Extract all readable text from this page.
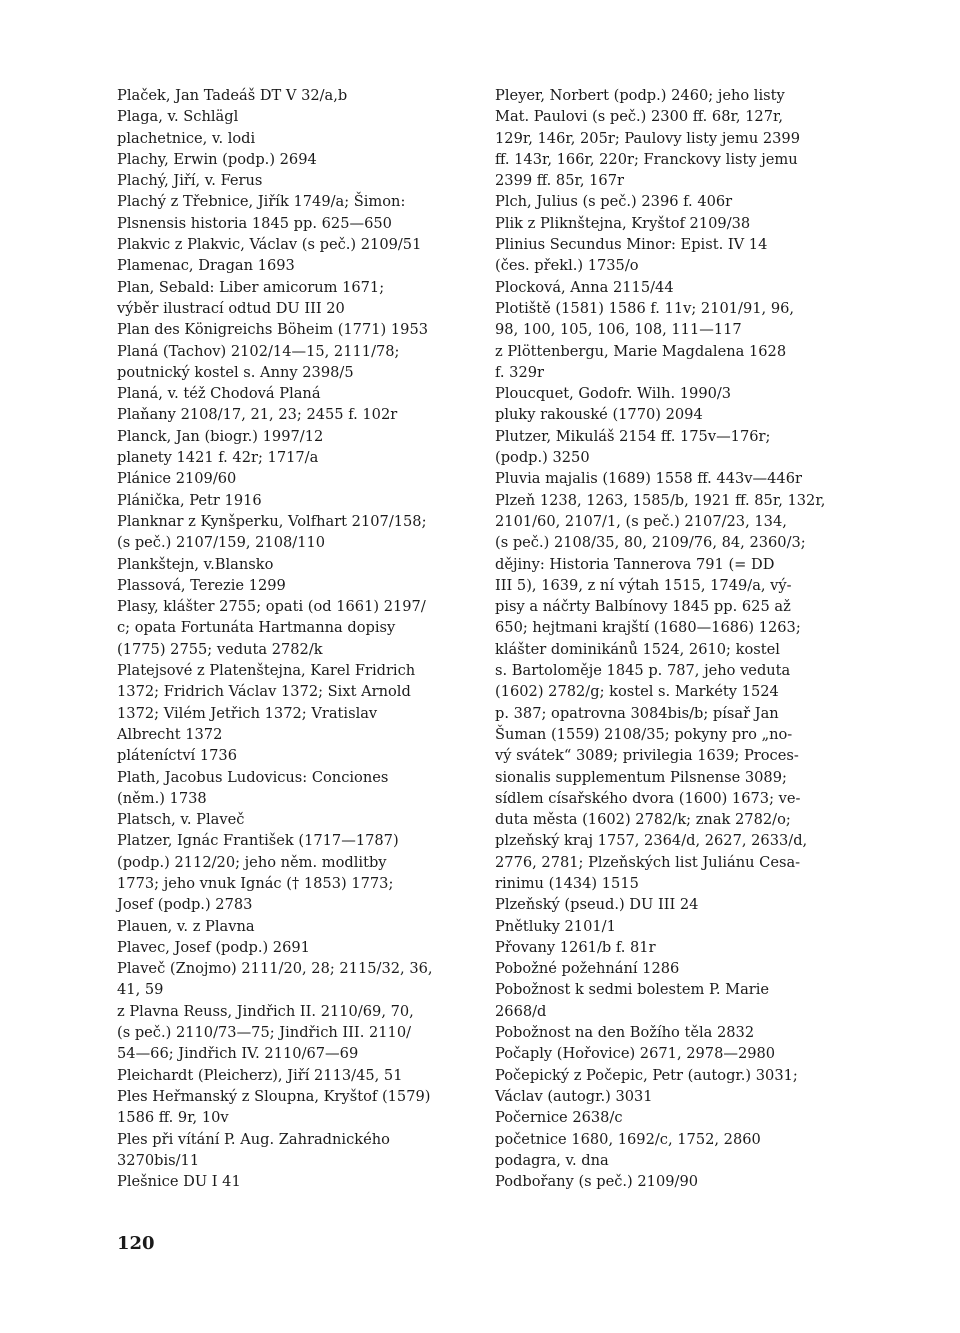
Plaček, Jan Tadeáš DT V 32/a,b
Plaga, v. Schlägl
plachetnice, v. lodi
Plachy, Erwin (podp.) 2694
Plachý, Jiří, v. Ferus
Plachý z Třebnice, Jiřík 1749/a; Šimon:
Plsnensis historia 1845 pp. 625—650
Plakvic z Plakvic, Václav (s peč.) 2109/51
Plamenac, Dragan 1693
Plan, Sebald: Liber amicorum 1671;
výběr ilustrací odtud DU III 20
Plan des Königreichs Böheim (1771) 1953
Planá (Tachov) 2102/14—15, 2111/78;
poutnický kostel s. Anny 2398/5
Planá, v. též Chodová Planá
Plaňany 2108/17, 21, 23; 2455 f. 102r
Planck, Jan (biogr.) 1997/12
planety 1421 f. 42r; 1717/a
Plánice 2109/60
Plánička, Petr 1916
Planknar z Kynšperku, Volfhart 2107/158;
(s peč.) 2107/159, 2108/110
Plankštejn, v.Blansko
Plassová, Terezie 1299
Plasy, klášter 2755; opati (od 1661) 2197/
c; opata Fortunáta Hartmanna dopisy
(1775) 2755; veduta 2782/k
Platejsové z Platenštejna, Karel Fridrich
1372; Fridrich Václav 1372; Sixt Arnold
1372; Vilém Jetřich 1372; Vratislav
Albrecht 1372
pláteníctví 1736
Plath, Jacobus Ludovicus: Conciones
(něm.) 1738
Platsch, v. Plaveč
Platzer, Ignác František (1717—1787)
(podp.) 2112/20; jeho něm. modlitby
1773; jeho vnuk Ignác († 1853) 1773;
Josef (podp.) 2783
Plauen, v. z Plavna
Plavec, Josef (podp.) 2691
Plaveč (Znojmo) 2111/20, 28; 2115/32, 36,
41, 59
z Plavna Reuss, Jindřich II. 2110/69, 70,
(s peč.) 2110/73—75; Jindřich III. 2110/
54—66; Jindřich IV. 2110/67—69
Pleichardt (Pleicherz), Jiří 2113/45, 51
Ples Heřmanský z Sloupna, Kryštof (1579)
1586 ff. 9r, 10v
Ples při vítání P. Aug. Zahradnického
3270bis/11
Plešnice DU I 41
Pleyer, Norbert (podp.) 2460; jeho listy
Mat. Paulovi (s peč.) 2300 ff. 68r, 127r,
129r, 146r, 205r; Paulovy listy jemu 2399
ff. 143r, 166r, 220r; Franckovy listy jemu
2399 ff. 85r, 167r
Plch, Julius (s peč.) 2396 f. 406r
Plik z Pliknštejna, Kryštof 2109/38
Plinius Secundus Minor: Epist. IV 14
(čes. překl.) 1735/o
Plocková, Anna 2115/44
Plotiště (1581) 1586 f. 11v; 2101/91, 96,
98, 100, 105, 106, 108, 111—117
z Plöttenbergu, Marie Magdalena 1628
f. 329r
Ploucquet, Godofr. Wilh. 1990/3
pluky rakouské (1770) 2094
Plutzer, Mikuláš 2154 ff. 175v—176r;
(podp.) 3250
Pluvia majalis (1689) 1558 ff. 443v—446r
Plzeň 1238, 1263, 1585/b, 1921 ff. 85r, 132r,
2101/60, 2107/1, (s peč.) 2107/23, 134,
(s peč.) 2108/35, 80, 2109/76, 84, 2360/3;
dějiny: Historia Tannerova 791 (= DD
III 5), 1639, z ní výtah 1515, 1749/a, vý-
pisy a náčrty Balbínovy 1845 pp. 625 až
650; hejtmani krajští (1680—1686) 1263;
klášter dominikánů 1524, 2610; kostel
s. Bartoloměje 1845 p. 787, jeho veduta
(1602) 2782/g; kostel s. Markéty 1524
p. 387; opatrovna 3084bis/b; písař Jan
Šuman (1559) 2108/35; pokyny pro „no-
vý svátek“ 3089; privilegia 1639; Proces-
sionalis supplementum Pilsnense 3089;
sídlem císařského dvora (1600) 1673; ve-
duta města (1602) 2782/k; znak 2782/o;
plzeňský kraj 1757, 2364/d, 2627, 2633/d,
2776, 2781; Plzeňských list Juliánu Cesa-
rinimu (1434) 1515
Plzeňský (pseud.) DU III 24
Pnětluky 2101/1
Přovany 1261/b f. 81r
Pobožné požehnání 1286
Pobožnost k sedmi bolestem P. Marie
2668/d
Pobožnost na den Božího těla 2832
Počaply (Hořovice) 2671, 2978—2980
Počepický z Počepic, Petr (autogr.) 3031;
Václav (autogr.) 3031
Počernice 2638/c
početnice 1680, 1692/c, 1752, 2860
podagra, v. dna
Podbořany (s peč.) 2109/90
120
